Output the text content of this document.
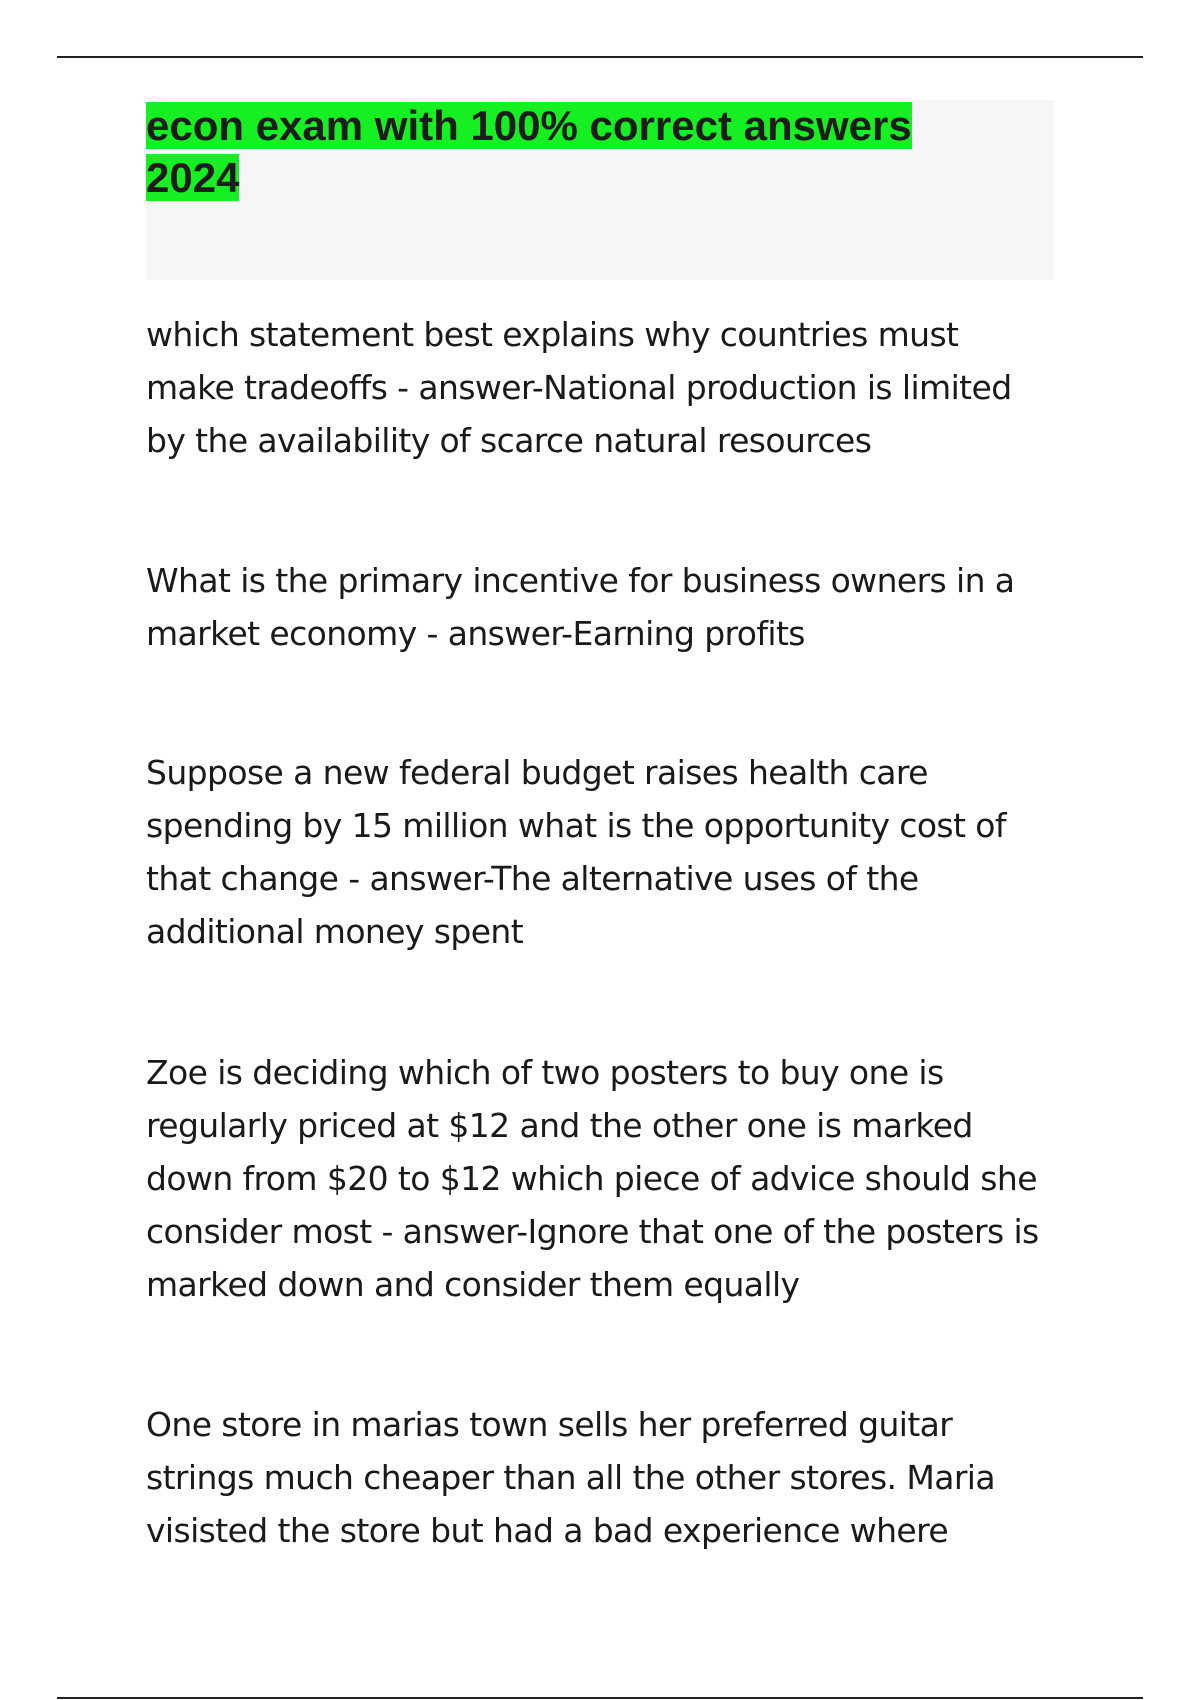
econ exam with 100% correct answers 2024

which statement best explains why countries must make tradeoffs - answer-National production is limited by the availability of scarce natural resources

What is the primary incentive for business owners in a market economy - answer-Earning profits

Suppose a new federal budget raises health care spending by 15 million what is the opportunity cost of that change - answer-The alternative uses of the additional money spent

Zoe is deciding which of two posters to buy one is regularly priced at $12 and the other one is marked down from $20 to $12 which piece of advice should she consider most - answer-Ignore that one of the posters is marked down and consider them equally

One store in marias town sells her preferred guitar strings much cheaper than all the other stores. Maria visisted the store but had a bad experience where
